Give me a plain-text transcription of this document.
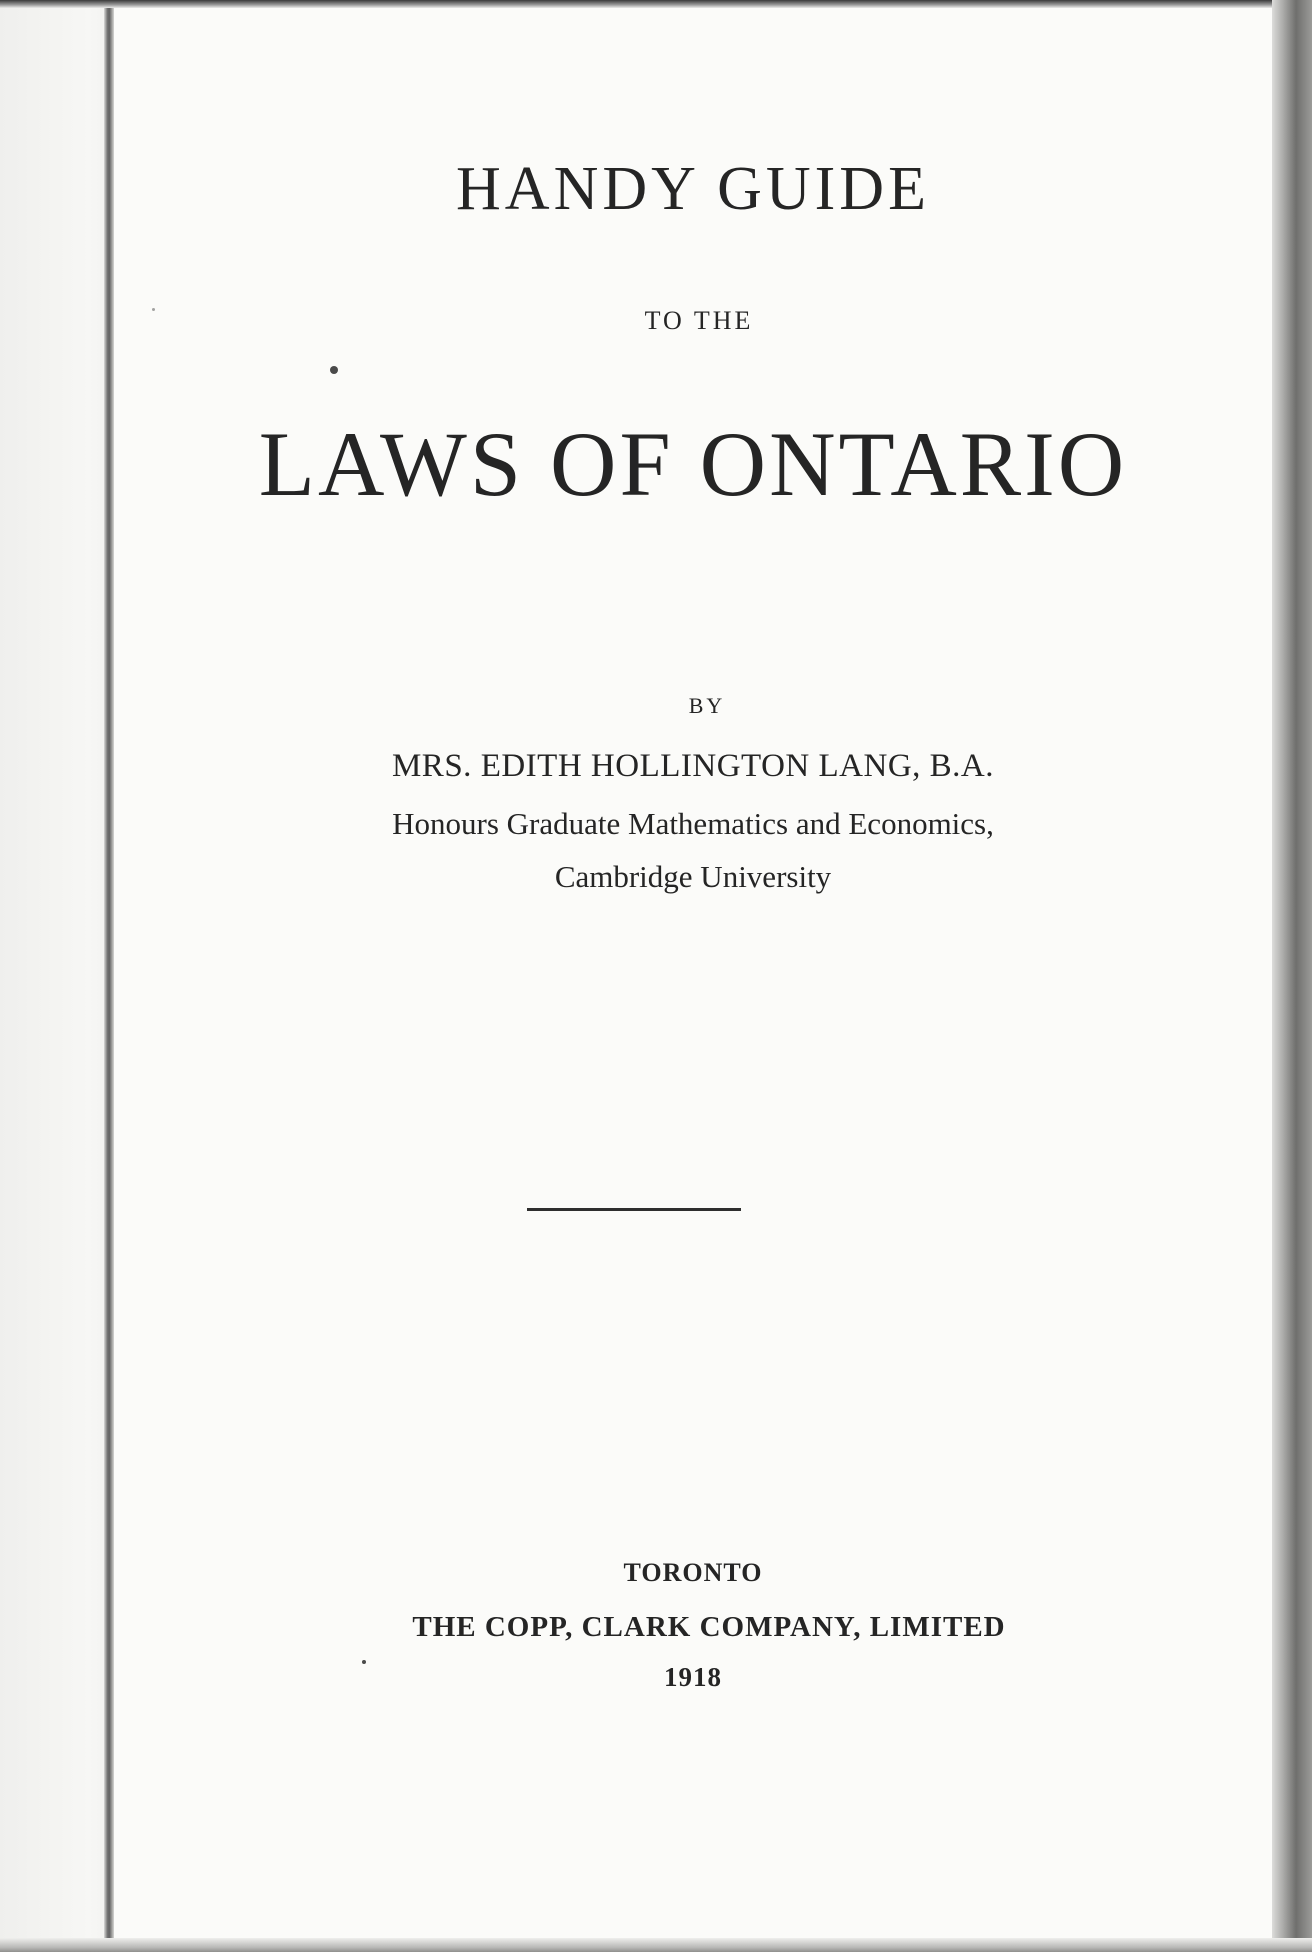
HANDY GUIDE
TO THE
LAWS OF ONTARIO
BY
MRS. EDITH HOLLINGTON LANG, B.A.
Honours Graduate Mathematics and Economics,
Cambridge University
TORONTO
THE COPP, CLARK COMPANY, LIMITED
1918
